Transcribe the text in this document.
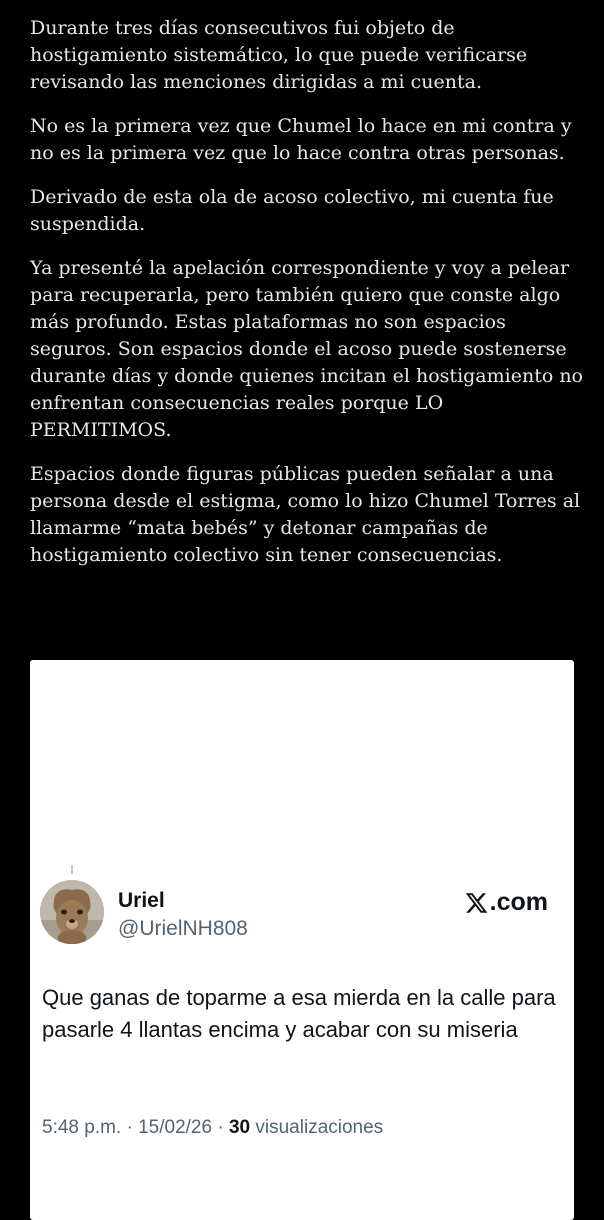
Durante tres días consecutivos fui objeto de hostigamiento sistemático, lo que puede verificarse revisando las menciones dirigidas a mi cuenta.

No es la primera vez que Chumel lo hace en mi contra y no es la primera vez que lo hace contra otras personas.

Derivado de esta ola de acoso colectivo, mi cuenta fue suspendida.

Ya presenté la apelación correspondiente y voy a pelear para recuperarla, pero también quiero que conste algo más profundo. Estas plataformas no son espacios seguros. Son espacios donde el acoso puede sostenerse durante días y donde quienes incitan el hostigamiento no enfrentan consecuencias reales porque LO PERMITIMOS.

Espacios donde figuras públicas pueden señalar a una persona desde el estigma, como lo hizo Chumel Torres al llamarme “mata bebés” y detonar campañas de hostigamiento colectivo sin tener consecuencias.

Uriel
@UrielNH808
.com

Que ganas de toparme a esa mierda en la calle para pasarle 4 llantas encima y acabar con su miseria

5:48 p.m. · 15/02/26 · 30 visualizaciones
